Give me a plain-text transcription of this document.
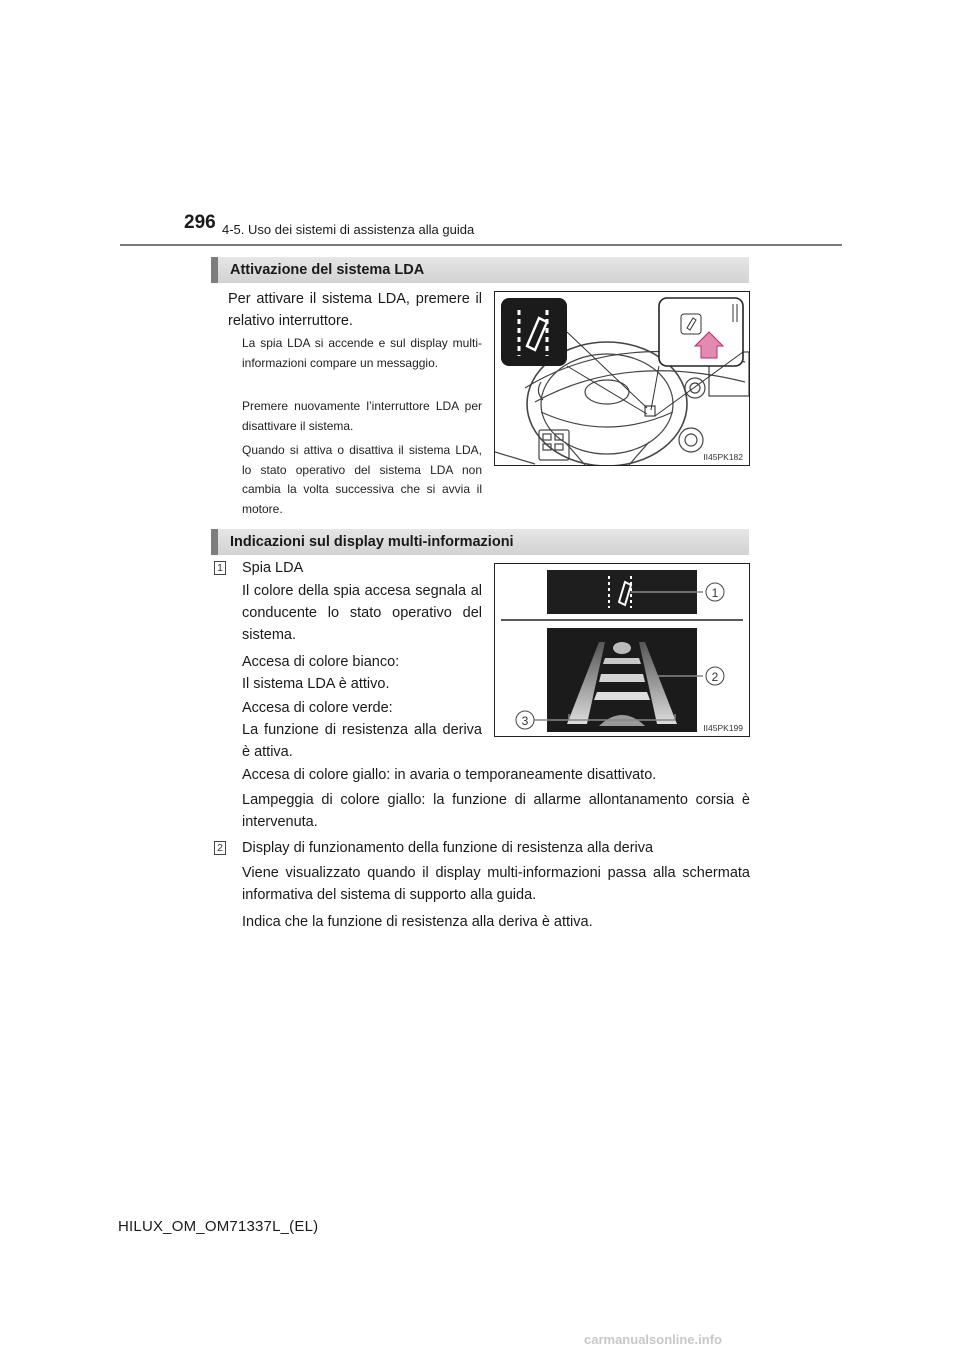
296 4-5. Uso dei sistemi di assistenza alla guida
Attivazione del sistema LDA
Per attivare il sistema LDA, premere il relativo interruttore.
La spia LDA si accende e sul display multi-informazioni compare un messaggio.
Premere nuovamente l’interruttore LDA per disattivare il sistema.
Quando si attiva o disattiva il sistema LDA, lo stato operativo del sistema LDA non cambia la volta successiva che si avvia il motore.
II45PK182
Indicazioni sul display multi-informazioni
1 Spia LDA
Il colore della spia accesa segnala al conducente lo stato operativo del sistema.
Accesa di colore bianco:
Il sistema LDA è attivo.
Accesa di colore verde:
La funzione di resistenza alla deriva è attiva.
Accesa di colore giallo: in avaria o temporaneamente disattivato.
Lampeggia di colore giallo: la funzione di allarme allontanamento corsia è intervenuta.
2 Display di funzionamento della funzione di resistenza alla deriva
Viene visualizzato quando il display multi-informazioni passa alla schermata informativa del sistema di supporto alla guida.
Indica che la funzione di resistenza alla deriva è attiva.
1
2
3	II45PK199
HILUX_OM_OM71337L_(EL)
carmanualsonline.info
